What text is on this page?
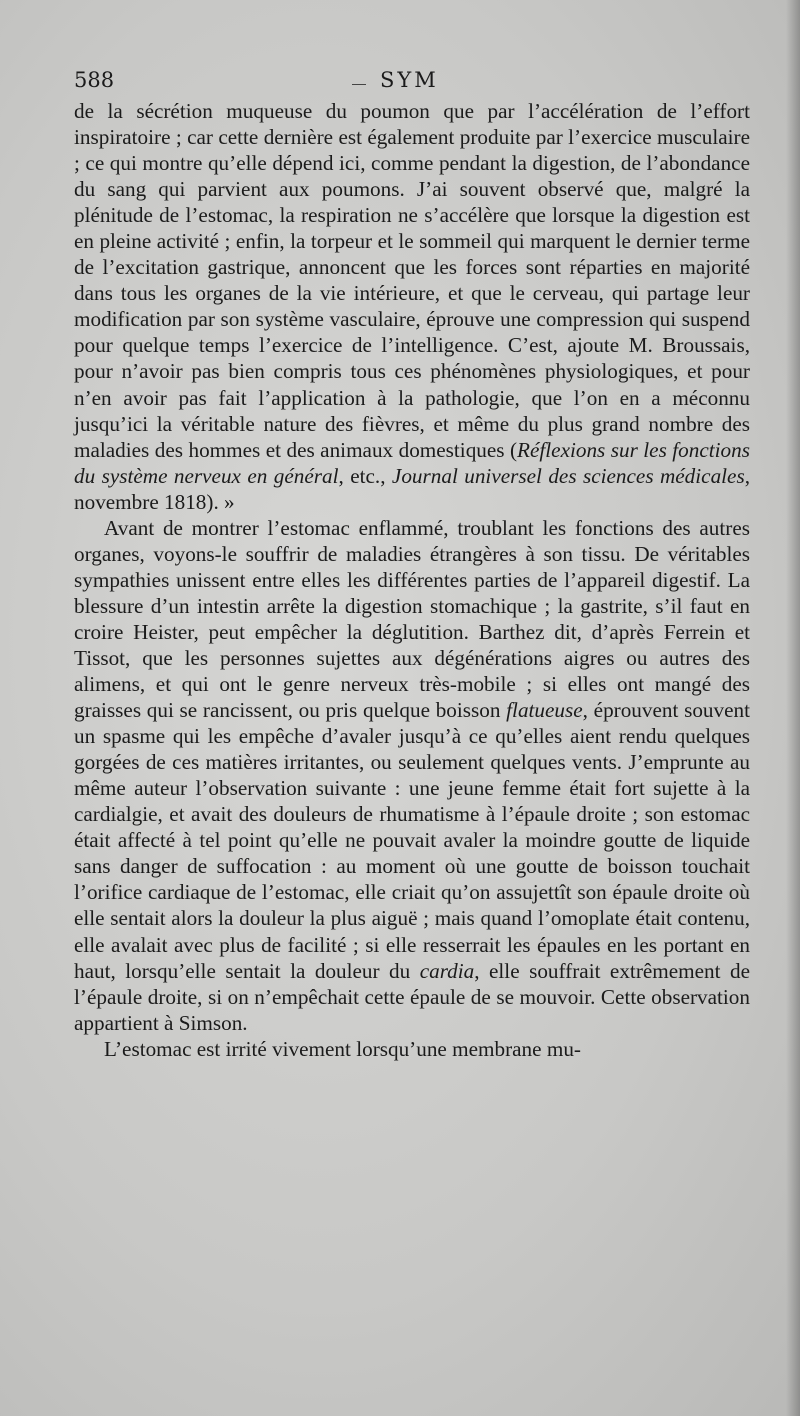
588	SYM

de la sécrétion muqueuse du poumon que par l’accélération de l’effort inspiratoire ; car cette dernière est également produite par l’exercice musculaire ; ce qui montre qu’elle dépend ici, comme pendant la digestion, de l’abondance du sang qui parvient aux poumons. J’ai souvent observé que, malgré la plénitude de l’estomac, la respiration ne s’accélère que lorsque la digestion est en pleine activité ; enfin, la torpeur et le sommeil qui marquent le dernier terme de l’excitation gastrique, annoncent que les forces sont réparties en majorité dans tous les organes de la vie intérieure, et que le cerveau, qui partage leur modification par son système vasculaire, éprouve une compression qui suspend pour quelque temps l’exercice de l’intelligence. C’est, ajoute M. Broussais, pour n’avoir pas bien compris tous ces phénomènes physiologiques, et pour n’en avoir pas fait l’application à la pathologie, que l’on en a méconnu jusqu’ici la véritable nature des fièvres, et même du plus grand nombre des maladies des hommes et des animaux domestiques (Réflexions sur les fonctions du système nerveux en général, etc., Journal universel des sciences médicales, novembre 1818). »

Avant de montrer l’estomac enflammé, troublant les fonctions des autres organes, voyons-le souffrir de maladies étrangères à son tissu. De véritables sympathies unissent entre elles les différentes parties de l’appareil digestif. La blessure d’un intestin arrête la digestion stomachique ; la gastrite, s’il faut en croire Heister, peut empêcher la déglutition. Barthez dit, d’après Ferrein et Tissot, que les personnes sujettes aux dégénérations aigres ou autres des alimens, et qui ont le genre nerveux très-mobile ; si elles ont mangé des graisses qui se rancissent, ou pris quelque boisson flatueuse, éprouvent souvent un spasme qui les empêche d’avaler jusqu’à ce qu’elles aient rendu quelques gorgées de ces matières irritantes, ou seulement quelques vents. J’emprunte au même auteur l’observation suivante : une jeune femme était fort sujette à la cardialgie, et avait des douleurs de rhumatisme à l’épaule droite ; son estomac était affecté à tel point qu’elle ne pouvait avaler la moindre goutte de liquide sans danger de suffocation : au moment où une goutte de boisson touchait l’orifice cardiaque de l’estomac, elle criait qu’on assujettît son épaule droite où elle sentait alors la douleur la plus aiguë ; mais quand l’omoplate était contenu, elle avalait avec plus de facilité ; si elle resserrait les épaules en les portant en haut, lorsqu’elle sentait la douleur du cardia, elle souffrait extrêmement de l’épaule droite, si on n’empêchait cette épaule de se mouvoir. Cette observation appartient à Simson.

L’estomac est irrité vivement lorsqu’une membrane mu-
